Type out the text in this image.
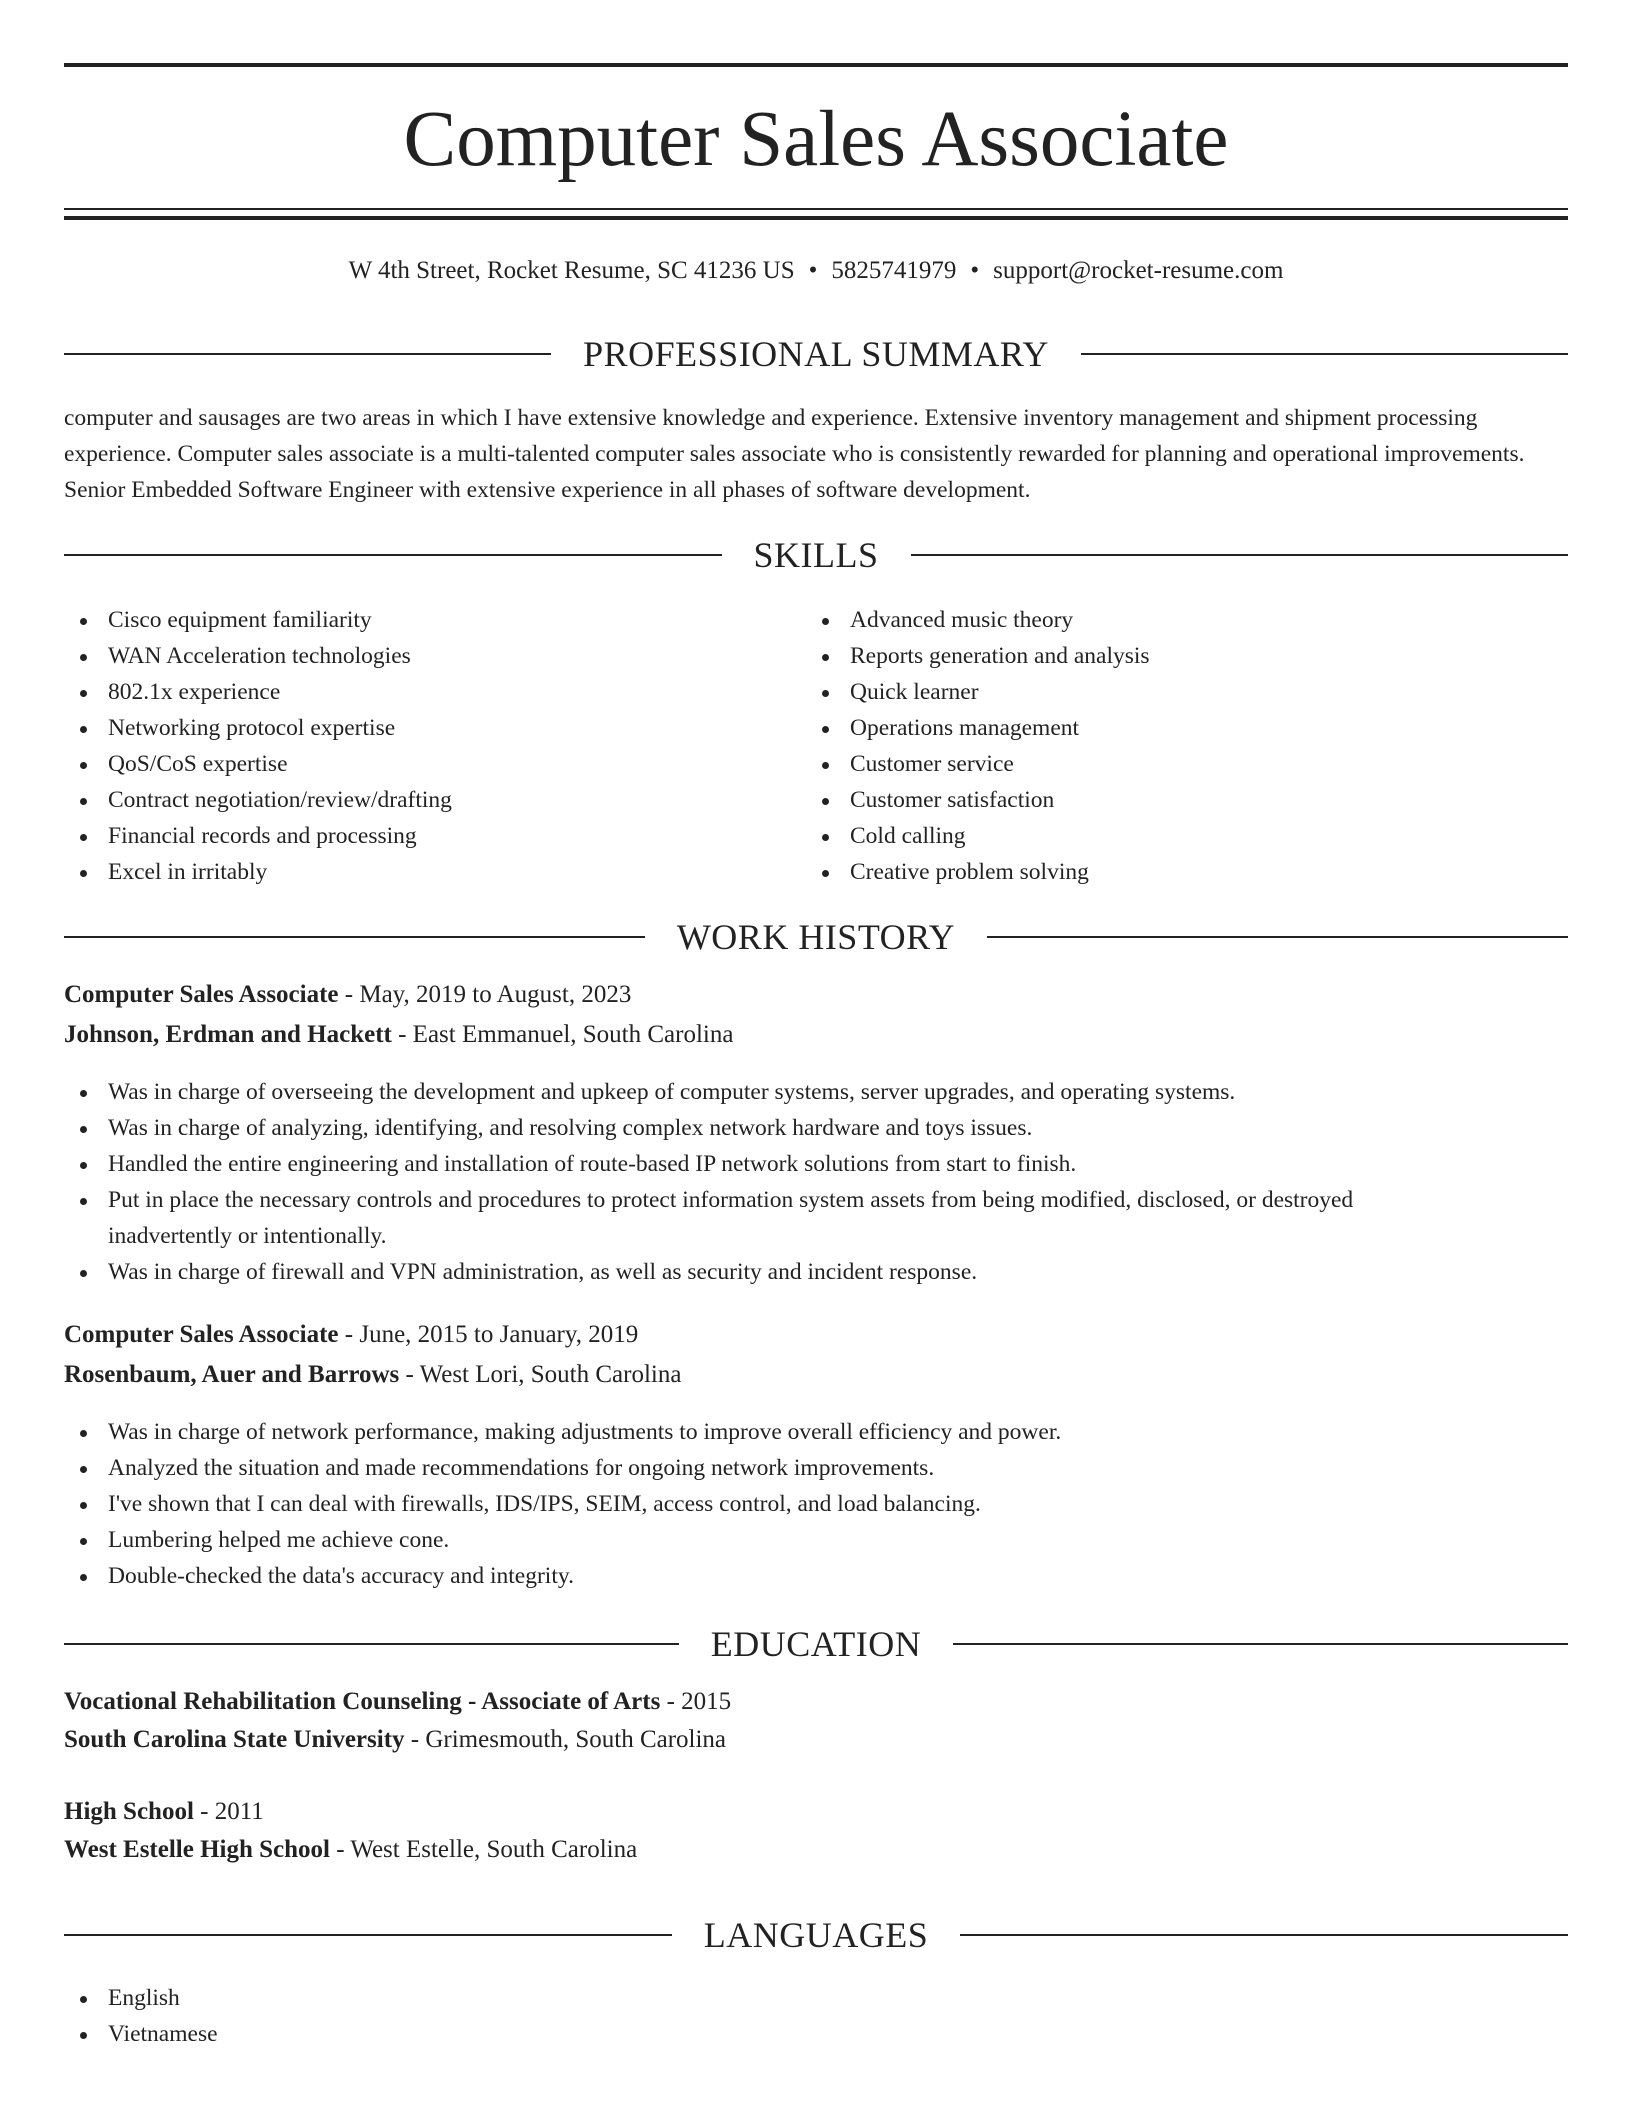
Computer Sales Associate
W 4th Street, Rocket Resume, SC 41236 US • 5825741979 • support@rocket-resume.com
PROFESSIONAL SUMMARY

computer and sausages are two areas in which I have extensive knowledge and experience. Extensive inventory management and shipment processing experience. Computer sales associate is a multi-talented computer sales associate who is consistently rewarded for planning and operational improvements. Senior Embedded Software Engineer with extensive experience in all phases of software development.

SKILLS
Cisco equipment familiarity
WAN Acceleration technologies
802.1x experience
Networking protocol expertise
QoS/CoS expertise
Contract negotiation/review/drafting
Financial records and processing
Excel in irritably
Advanced music theory
Reports generation and analysis
Quick learner
Operations management
Customer service
Customer satisfaction
Cold calling
Creative problem solving
WORK HISTORY
Computer Sales Associate - May, 2019 to August, 2023
Johnson, Erdman and Hackett - East Emmanuel, South Carolina
Was in charge of overseeing the development and upkeep of computer systems, server upgrades, and operating systems.
Was in charge of analyzing, identifying, and resolving complex network hardware and toys issues.
Handled the entire engineering and installation of route-based IP network solutions from start to finish.
Put in place the necessary controls and procedures to protect information system assets from being modified, disclosed, or destroyed inadvertently or intentionally.
Was in charge of firewall and VPN administration, as well as security and incident response.
Computer Sales Associate - June, 2015 to January, 2019
Rosenbaum, Auer and Barrows - West Lori, South Carolina
Was in charge of network performance, making adjustments to improve overall efficiency and power.
Analyzed the situation and made recommendations for ongoing network improvements.
I've shown that I can deal with firewalls, IDS/IPS, SEIM, access control, and load balancing.
Lumbering helped me achieve cone.
Double-checked the data's accuracy and integrity.
EDUCATION
Vocational Rehabilitation Counseling - Associate of Arts - 2015
South Carolina State University - Grimesmouth, South Carolina
High School - 2011
West Estelle High School - West Estelle, South Carolina
LANGUAGES
English
Vietnamese
